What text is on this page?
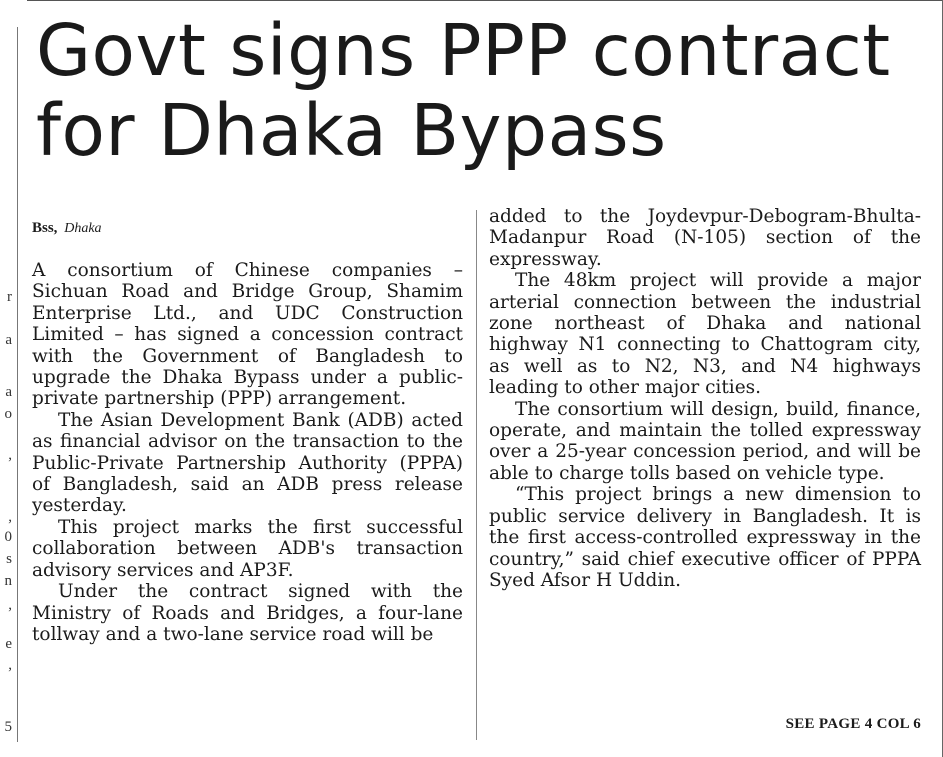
r
a
a
o
,
,
0
s
n
,
e
,
5
Govt signs PPP contract
for Dhaka Bypass
Bss, Dhaka

A consortium of Chinese companies – Sichuan Road and Bridge Group, Shamim Enterprise Ltd., and UDC Construction Limited – has signed a concession contract with the Government of Bangladesh to upgrade the Dhaka Bypass under a public-private partnership (PPP) arrangement.

The Asian Development Bank (ADB) acted as financial advisor on the transaction to the Public-Private Partnership Authority (PPPA) of Bangladesh, said an ADB press release yesterday.

This project marks the first successful collaboration between ADB's transaction advisory services and AP3F.

Under the contract signed with the Ministry of Roads and Bridges, a four-lane tollway and a two-lane service road will be

added to the Joydevpur-Debogram-Bhulta-Madanpur Road (N-105) section of the expressway.

The 48km project will provide a major arterial connection between the industrial zone northeast of Dhaka and national highway N1 connecting to Chattogram city, as well as to N2, N3, and N4 highways leading to other major cities.

The consortium will design, build, finance, operate, and maintain the tolled expressway over a 25-year concession period, and will be able to charge tolls based on vehicle type.

“This project brings a new dimension to public service delivery in Bangladesh. It is the first access-controlled expressway in the country,” said chief executive officer of PPPA Syed Afsor H Uddin.

SEE PAGE 4 COL 6
